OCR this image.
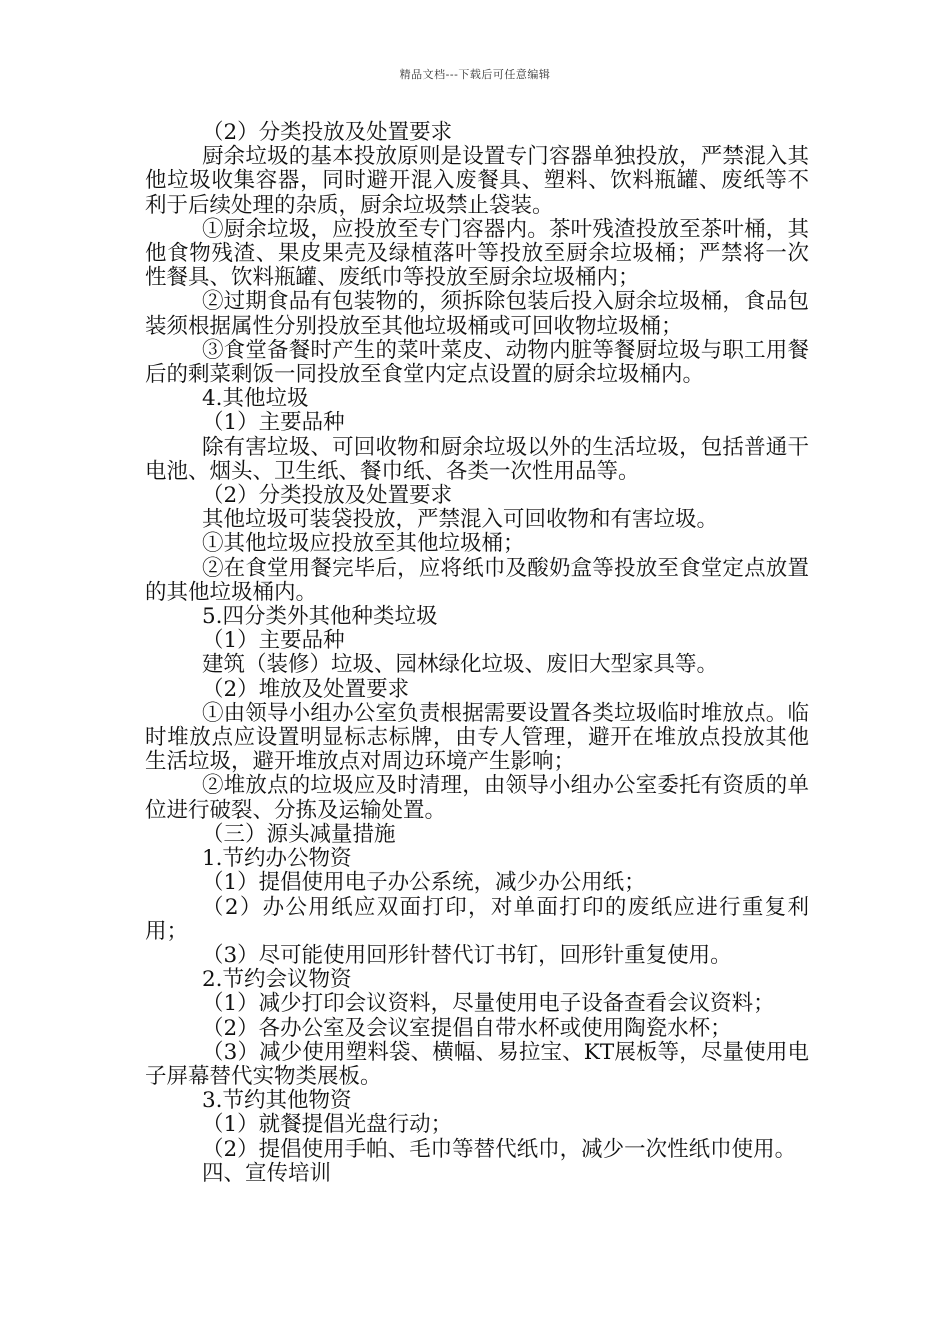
精品文档---下载后可任意编辑

（2）分类投放及处置要求

厨余垃圾的基本投放原则是设置专门容器单独投放，严禁混入其他垃圾收集容器，同时避开混入废餐具、塑料、饮料瓶罐、废纸等不利于后续处理的杂质，厨余垃圾禁止袋装。

①厨余垃圾，应投放至专门容器内。茶叶残渣投放至茶叶桶，其他食物残渣、果皮果壳及绿植落叶等投放至厨余垃圾桶；严禁将一次性餐具、饮料瓶罐、废纸巾等投放至厨余垃圾桶内；

②过期食品有包装物的，须拆除包装后投入厨余垃圾桶，食品包装须根据属性分别投放至其他垃圾桶或可回收物垃圾桶；

③食堂备餐时产生的菜叶菜皮、动物内脏等餐厨垃圾与职工用餐后的剩菜剩饭一同投放至食堂内定点设置的厨余垃圾桶内。

4.其他垃圾

（1）主要品种

除有害垃圾、可回收物和厨余垃圾以外的生活垃圾，包括普通干电池、烟头、卫生纸、餐巾纸、各类一次性用品等。

（2）分类投放及处置要求

其他垃圾可装袋投放，严禁混入可回收物和有害垃圾。

①其他垃圾应投放至其他垃圾桶；

②在食堂用餐完毕后，应将纸巾及酸奶盒等投放至食堂定点放置的其他垃圾桶内。

5.四分类外其他种类垃圾

（1）主要品种

建筑（装修）垃圾、园林绿化垃圾、废旧大型家具等。

（2）堆放及处置要求

①由领导小组办公室负责根据需要设置各类垃圾临时堆放点。临时堆放点应设置明显标志标牌，由专人管理，避开在堆放点投放其他生活垃圾，避开堆放点对周边环境产生影响；

②堆放点的垃圾应及时清理，由领导小组办公室委托有资质的单位进行破裂、分拣及运输处置。

（三）源头减量措施

1.节约办公物资

（1）提倡使用电子办公系统，减少办公用纸；

（2）办公用纸应双面打印，对单面打印的废纸应进行重复利用；

（3）尽可能使用回形针替代订书钉，回形针重复使用。

2.节约会议物资

（1）减少打印会议资料，尽量使用电子设备查看会议资料；

（2）各办公室及会议室提倡自带水杯或使用陶瓷水杯；

（3）减少使用塑料袋、横幅、易拉宝、KT展板等，尽量使用电子屏幕替代实物类展板。

3.节约其他物资

（1）就餐提倡光盘行动；

（2）提倡使用手帕、毛巾等替代纸巾，减少一次性纸巾使用。

四、宣传培训
